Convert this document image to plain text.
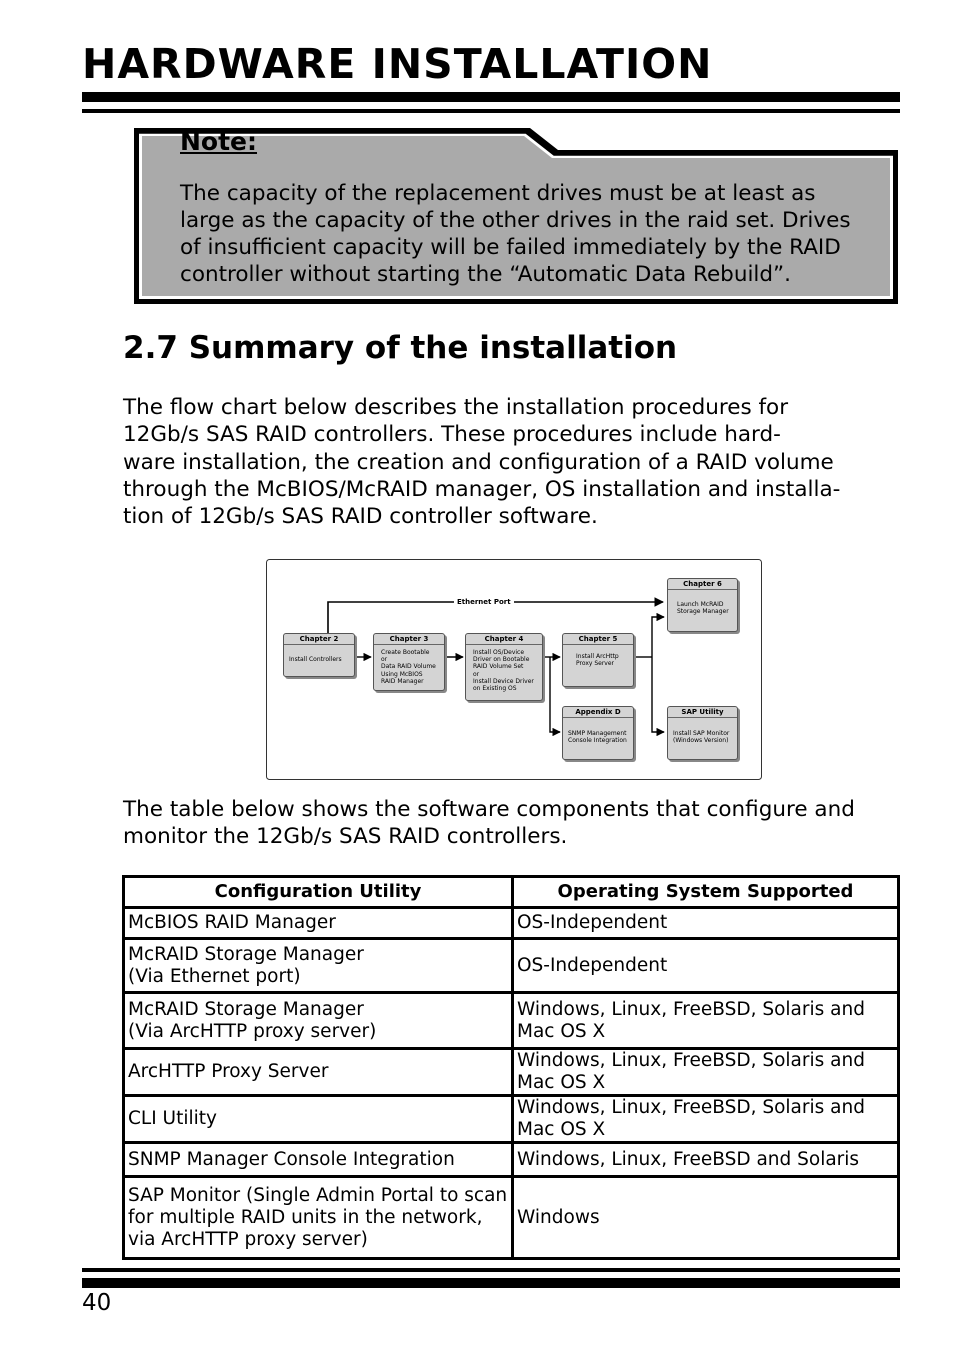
HARDWARE INSTALLATION
Note:
The capacity of the replacement drives must be at least as
large as the capacity of the other drives in the raid set. Drives
of insufficient capacity will be failed immediately by the RAID
controller without starting the “Automatic Data Rebuild”.
2.7 Summary of the installation
The flow chart below describes the installation procedures for
12Gb/s SAS RAID controllers. These procedures include hard-
ware installation, the creation and configuration of a RAID volume
through the McBIOS/McRAID manager, OS installation and installa-
tion of 12Gb/s SAS RAID controller software.
Ethernet Port
Chapter 2
Install Controllers
Chapter 3
Create Bootable
or
Data RAID Volume
Using McBIOS
RAID Manager
Chapter 4
Install OS/Device
Driver on Bootable
RAID Volume Set
or
Install Device Driver
on Existing OS
Chapter 5
Install ArcHttp
Proxy Server
Chapter 6
Launch McRAID
Storage Manager
Appendix D
SNMP Management
Console Integration
SAP Utility
Install SAP Monitor
(Windows Version)
The table below shows the software components that configure and
monitor the 12Gb/s SAS RAID controllers.
Configuration Utility	Operating System Supported
McBIOS RAID Manager	OS-Independent
McRAID Storage Manager
(Via Ethernet port)	OS-Independent
McRAID Storage Manager
(Via ArcHTTP proxy server)	Windows, Linux, FreeBSD, Solaris and
Mac OS X
ArcHTTP Proxy Server	Windows, Linux, FreeBSD, Solaris and
Mac OS X
CLI Utility	Windows, Linux, FreeBSD, Solaris and
Mac OS X
SNMP Manager Console Integration	Windows, Linux, FreeBSD and Solaris
SAP Monitor (Single Admin Portal to scan
for multiple RAID units in the network,
via ArcHTTP proxy server)	Windows
40
